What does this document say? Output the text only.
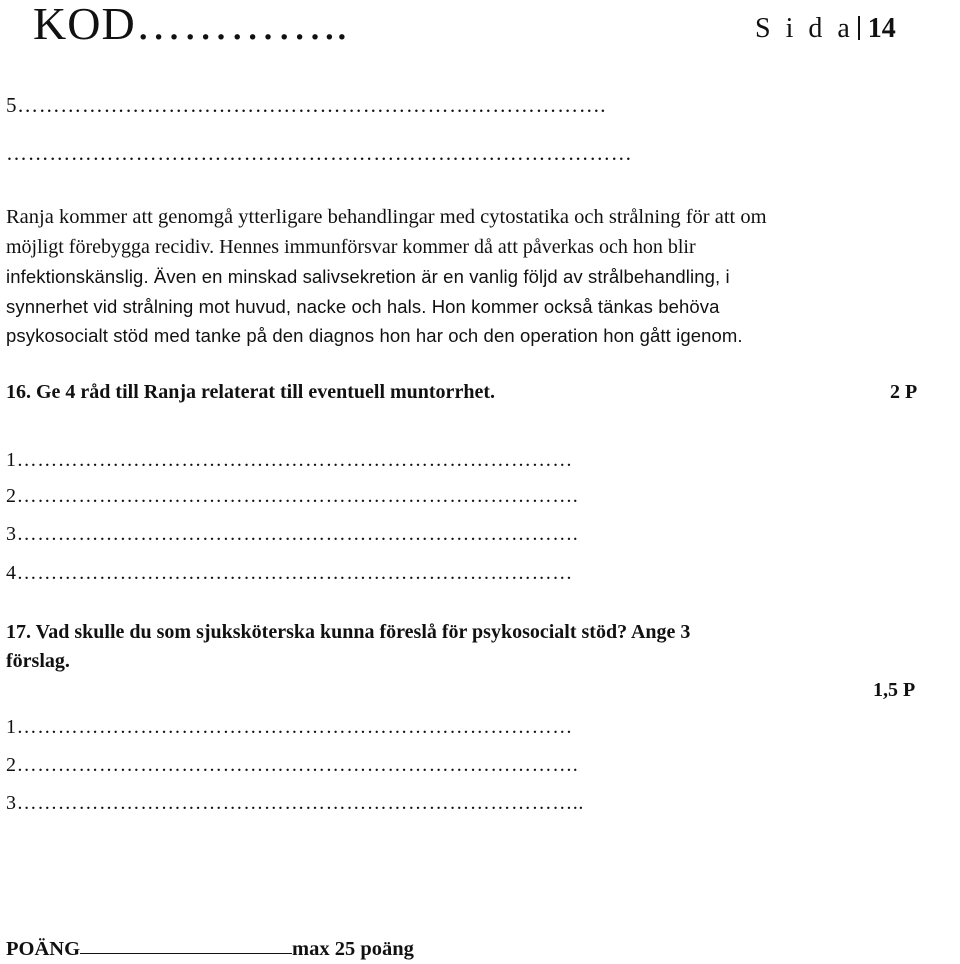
KOD…………..	S i d a 14
5……………………………………………………………………….
……………………………………………………………………………
Ranja kommer att genomgå ytterligare behandlingar med cytostatika och strålning för att om
möjligt förebygga recidiv. Hennes immunförsvar kommer då att påverkas och hon blir
infektionskänslig. Även en minskad salivsekretion är en vanlig följd av strålbehandling, i
synnerhet vid strålning mot huvud, nacke och hals. Hon kommer också tänkas behöva
psykosocialt stöd med tanke på den diagnos hon har och den operation hon gått igenom.
16. Ge 4 råd till Ranja relaterat till eventuell muntorrhet.	2 P
1………………………………………………………………………
2……………………………………………………………………….
3……………………………………………………………………….
4………………………………………………………………………
17. Vad skulle du som sjuksköterska kunna föreslå för psykosocialt stöd? Ange 3
förslag.
1,5 P
1………………………………………………………………………
2……………………………………………………………………….
3………………………………………………………………………..
POÄNG	max 25 poäng
